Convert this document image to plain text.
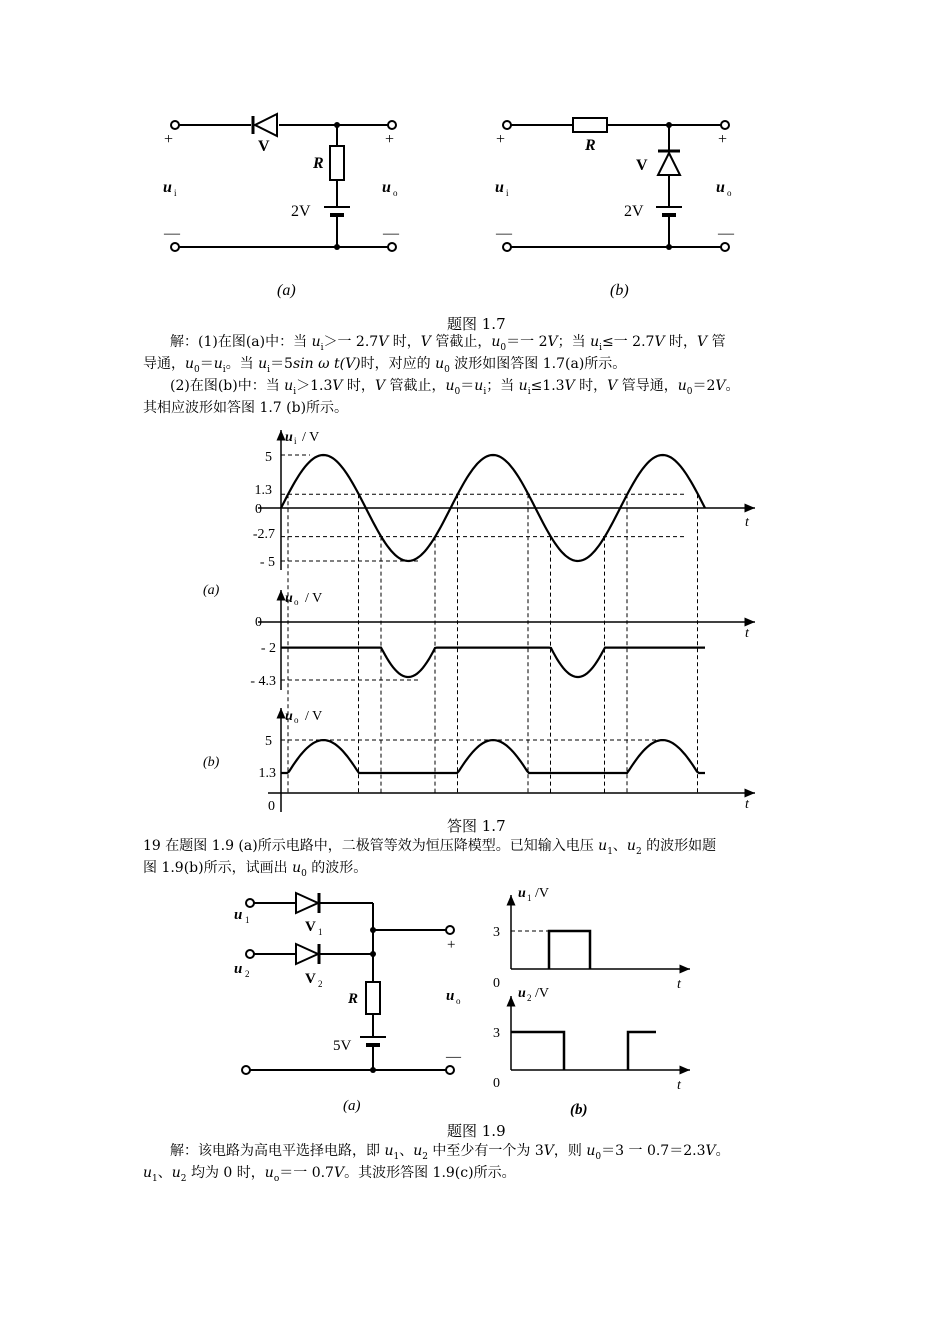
+	+
—	—
V
R
u i	u o
2V
(a)
+	+
—	—
R
V
u i	u o
2V
(b)
题图 1.7
解：(1)在图(a)中：当 $u_i>$一 2.7V 时，V 管截止，$u_0=$一 2V；当 $u_i\le$一 2.7V 时，V 管
导通，$u_0=u_i$。当 $u_i=5\sin$ ω t(V)时，对应的 $u_0$ 波形如图答图 1.7(a)所示。
(2)在图(b)中：当 $u_i>1.3V$ 时，V 管截止，$u_0=u_i$；当 $u_i\le 1.3V$ 时，V 管导通，$u_0=2V$。
其相应波形如答图 1.7 (b)所示。
u i / V
u o / V
u o / V
t
t
t
(a)
(b)
5
1.3
0
-2.7
- 5
0
- 2
- 4.3
5
1.3
0
答图 1.7
19 在题图 1.9 (a)所示电路中，二极管等效为恒压降模型。已知输入电压 $u_1$、$u_2$ 的波形如题
图 1.9(b)所示，试画出 $u_0$ 的波形。
u 1
u 2
V 1
V 2
R
5V
+
u o
—
(a)	(b)
u 1 /V
u 2 /V
3
0
3
0
t
t
题图 1.9
解：该电路为高电平选择电路，即 $u_1$、$u_2$ 中至少有一个为 3V，则 $u_0=3$ 一 0.7＝2.3V。
$u_1$、$u_2$ 均为 0 时，$u_o=$一 0.7V。其波形答图 1.9(c)所示。
